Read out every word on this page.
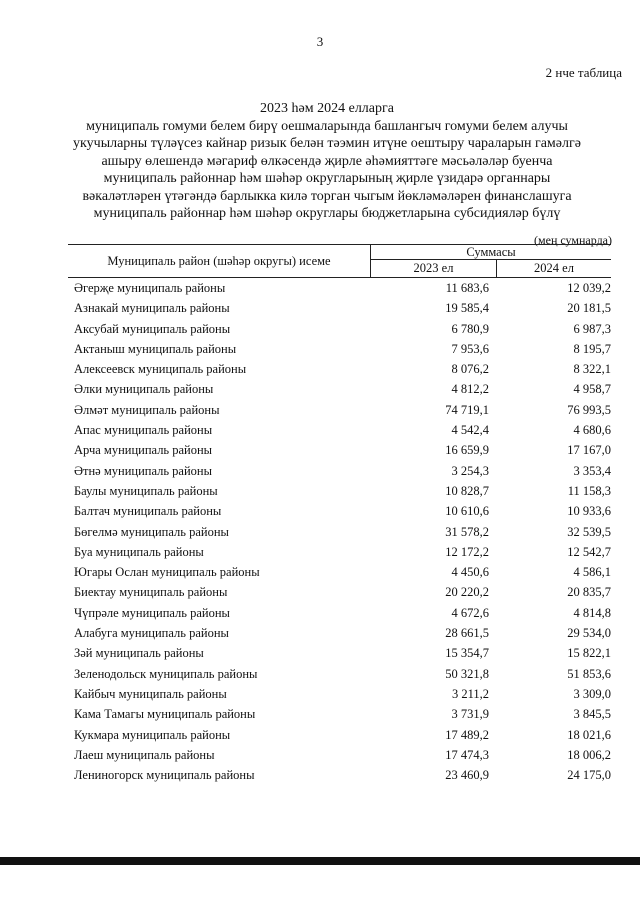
3
2 нче таблица
2023 һәм 2024 елларга
муниципаль гомуми белем бирү оешмаларында башлангыч гомуми белем алучы
укучыларны түләүсез кайнар ризык белән тәэмин итүне оештыру чараларын гамәлгә
ашыру өлешендә мәгариф өлкәсендә җирле әһәмияттәге мәсьәләләр буенча
муниципаль районнар һәм шәһәр округларының җирле үзидарә органнары
вәкаләтләрен үтәгәндә барлыкка килә торган чыгым йөкләмәләрен финанслашуга
муниципаль районнар һәм шәһәр округлары бюджетларына субсидияләр бүлү
(мең сумнарда)
Муниципаль район (шәһәр округы) исеме
Суммасы
2023 ел	2024 ел
Әгерҗе муниципаль районы	11 683,6	12 039,2
Азнакай муниципаль районы	19 585,4	20 181,5
Аксубай муниципаль районы	6 780,9	6 987,3
Актаныш муниципаль районы	7 953,6	8 195,7
Алексеевск муниципаль районы	8 076,2	8 322,1
Әлки муниципаль районы	4 812,2	4 958,7
Әлмәт муниципаль районы	74 719,1	76 993,5
Апас муниципаль районы	4 542,4	4 680,6
Арча муниципаль районы	16 659,9	17 167,0
Әтнә муниципаль районы	3 254,3	3 353,4
Баулы муниципаль районы	10 828,7	11 158,3
Балтач муниципаль районы	10 610,6	10 933,6
Бөгелмә муниципаль районы	31 578,2	32 539,5
Буа муниципаль районы	12 172,2	12 542,7
Югары Ослан муниципаль районы	4 450,6	4 586,1
Биектау муниципаль районы	20 220,2	20 835,7
Чүпрәле муниципаль районы	4 672,6	4 814,8
Алабуга муниципаль районы	28 661,5	29 534,0
Зәй муниципаль районы	15 354,7	15 822,1
Зеленодольск муниципаль районы	50 321,8	51 853,6
Кайбыч муниципаль районы	3 211,2	3 309,0
Кама Тамагы муниципаль районы	3 731,9	3 845,5
Кукмара муниципаль районы	17 489,2	18 021,6
Лаеш муниципаль районы	17 474,3	18 006,2
Лениногорск муниципаль районы	23 460,9	24 175,0
